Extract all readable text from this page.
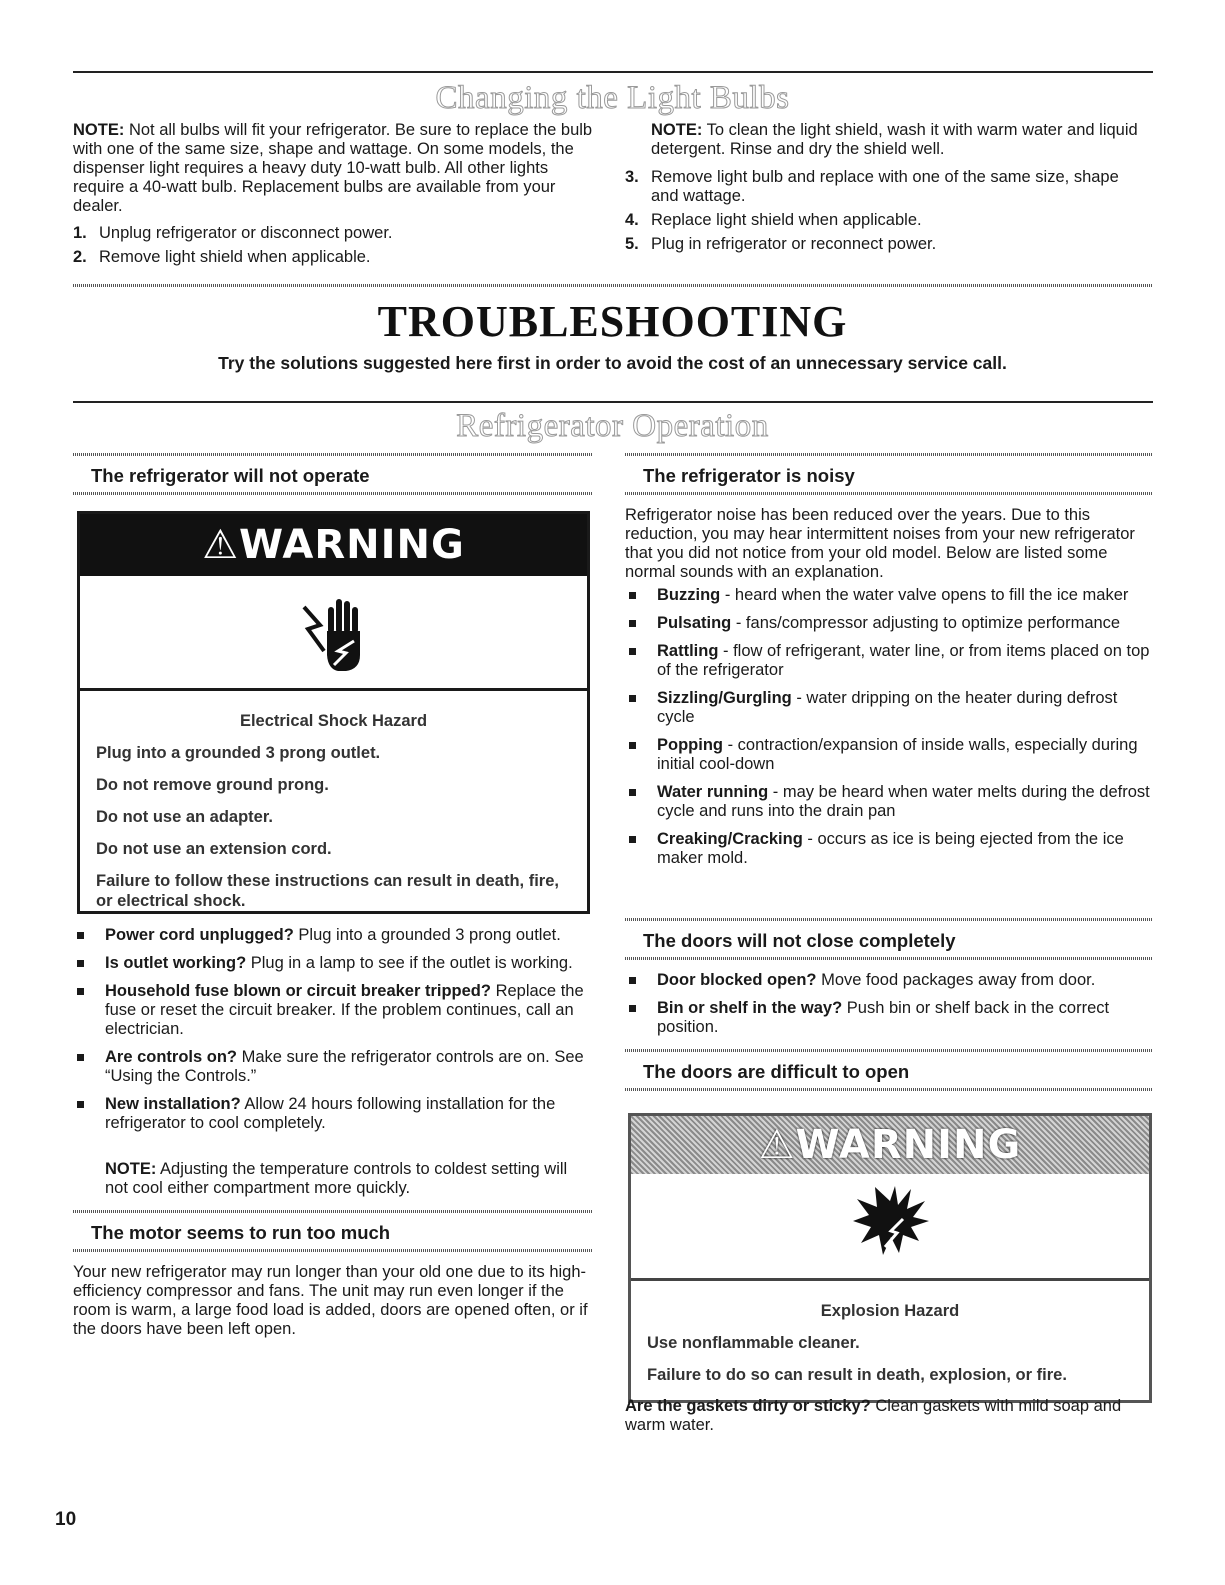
Changing the Light Bulbs

NOTE: Not all bulbs will fit your refrigerator. Be sure to replace the bulb with one of the same size, shape and wattage. On some models, the dispenser light requires a heavy duty 10-watt bulb. All other lights require a 40-watt bulb. Replacement bulbs are available from your dealer.

1. Unplug refrigerator or disconnect power.
2. Remove light shield when applicable.

NOTE: To clean the light shield, wash it with warm water and liquid detergent. Rinse and dry the shield well.

3. Remove light bulb and replace with one of the same size, shape and wattage.
4. Replace light shield when applicable.
5. Plug in refrigerator or reconnect power.
TROUBLESHOOTING
Try the solutions suggested here first in order to avoid the cost of an unnecessary service call.
Refrigerator Operation
The refrigerator will not operate
⚠WARNING
Electrical Shock Hazard

Plug into a grounded 3 prong outlet.

Do not remove ground prong.

Do not use an adapter.

Do not use an extension cord.

Failure to follow these instructions can result in death, fire, or electrical shock.

Power cord unplugged? Plug into a grounded 3 prong outlet.
Is outlet working? Plug in a lamp to see if the outlet is working.
Household fuse blown or circuit breaker tripped? Replace the fuse or reset the circuit breaker. If the problem continues, call an electrician.
Are controls on? Make sure the refrigerator controls are on. See “Using the Controls.”
New installation? Allow 24 hours following installation for the refrigerator to cool completely.

NOTE: Adjusting the temperature controls to coldest setting will not cool either compartment more quickly.

The motor seems to run too much

Your new refrigerator may run longer than your old one due to its high-efficiency compressor and fans. The unit may run even longer if the room is warm, a large food load is added, doors are opened often, or if the doors have been left open.

The refrigerator is noisy

Refrigerator noise has been reduced over the years. Due to this reduction, you may hear intermittent noises from your new refrigerator that you did not notice from your old model. Below are listed some normal sounds with an explanation.

Buzzing - heard when the water valve opens to fill the ice maker
Pulsating - fans/compressor adjusting to optimize performance
Rattling - flow of refrigerant, water line, or from items placed on top of the refrigerator
Sizzling/Gurgling - water dripping on the heater during defrost cycle
Popping - contraction/expansion of inside walls, especially during initial cool-down
Water running - may be heard when water melts during the defrost cycle and runs into the drain pan
Creaking/Cracking - occurs as ice is being ejected from the ice maker mold.
The doors will not close completely
Door blocked open? Move food packages away from door.
Bin or shelf in the way? Push bin or shelf back in the correct position.
The doors are difficult to open
⚠WARNING
Explosion Hazard

Use nonflammable cleaner.

Failure to do so can result in death, explosion, or fire.

Are the gaskets dirty or sticky? Clean gaskets with mild soap and warm water.

10
